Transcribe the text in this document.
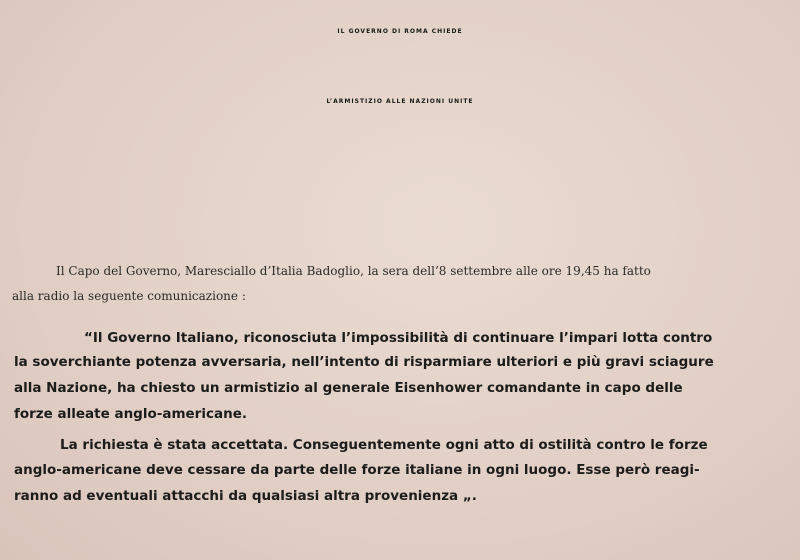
IL GOVERNO DI ROMA CHIEDE
L’ARMISTIZIO ALLE NAZIONI UNITE
Il Capo del Governo, Maresciallo d’Italia Badoglio, la sera dell’8 settembre alle ore 19,45 ha fatto
alla radio la seguente comunicazione :
“Il Governo Italiano, riconosciuta l’impossibilità di continuare l’impari lotta contro
la soverchiante potenza avversaria, nell’intento di risparmiare ulteriori e più gravi sciagure
alla Nazione, ha chiesto un armistizio al generale Eisenhower comandante in capo delle
forze alleate anglo-americane.
La richiesta è stata accettata. Conseguentemente ogni atto di ostilità contro le forze
anglo-americane deve cessare da parte delle forze italiane in ogni luogo. Esse però reagi-
ranno ad eventuali attacchi da qualsiasi altra provenienza „.
